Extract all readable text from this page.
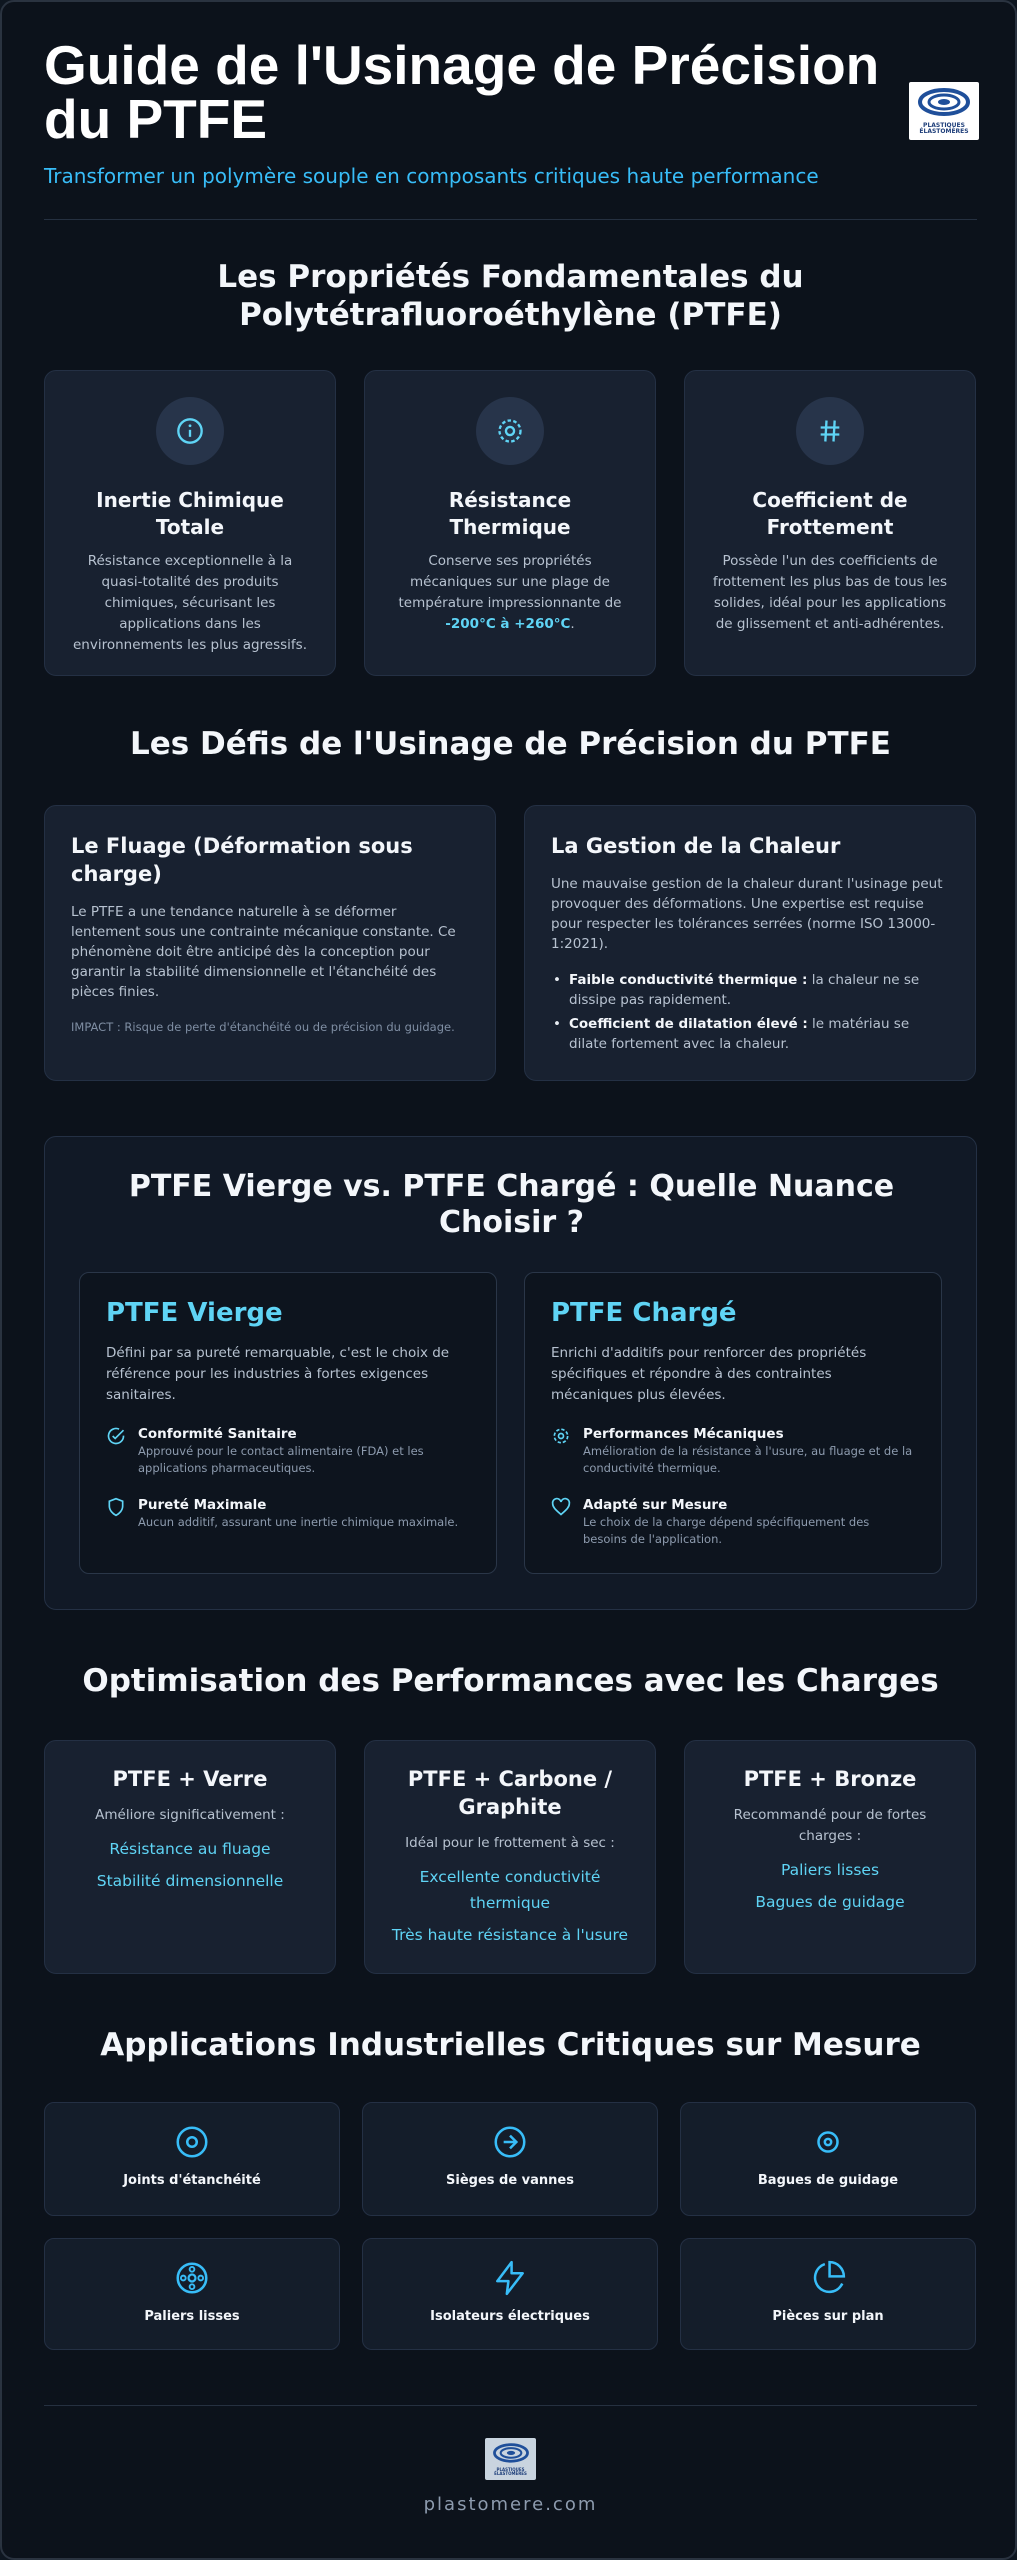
Guide de l'Usinage de Précision du PTFE
Transformer un polymère souple en composants critiques haute performance
PLASTIQUES ÉLASTOMÈRES
Les Propriétés Fondamentales du Polytétrafluoroéthylène (PTFE)
Inertie Chimique Totale
Résistance exceptionnelle à la quasi-totalité des produits chimiques, sécurisant les applications dans les environnements les plus agressifs.
Résistance Thermique
Conserve ses propriétés mécaniques sur une plage de température impressionnante de -200°C à +260°C.
Coefficient de Frottement
Possède l'un des coefficients de frottement les plus bas de tous les solides, idéal pour les applications de glissement et anti-adhérentes.
Les Défis de l'Usinage de Précision du PTFE
Le Fluage (Déformation sous charge)
Le PTFE a une tendance naturelle à se déformer lentement sous une contrainte mécanique constante. Ce phénomène doit être anticipé dès la conception pour garantir la stabilité dimensionnelle et l'étanchéité des pièces finies.
IMPACT : Risque de perte d'étanchéité ou de précision du guidage.
La Gestion de la Chaleur
Une mauvaise gestion de la chaleur durant l'usinage peut provoquer des déformations. Une expertise est requise pour respecter les tolérances serrées (norme ISO 13000-1:2021).
• Faible conductivité thermique : la chaleur ne se dissipe pas rapidement.
• Coefficient de dilatation élevé : le matériau se dilate fortement avec la chaleur.
PTFE Vierge vs. PTFE Chargé : Quelle Nuance Choisir ?
PTFE Vierge
Défini par sa pureté remarquable, c'est le choix de référence pour les industries à fortes exigences sanitaires.
Conformité Sanitaire
Approuvé pour le contact alimentaire (FDA) et les applications pharmaceutiques.
Pureté Maximale
Aucun additif, assurant une inertie chimique maximale.
PTFE Chargé
Enrichi d'additifs pour renforcer des propriétés spécifiques et répondre à des contraintes mécaniques plus élevées.
Performances Mécaniques
Amélioration de la résistance à l'usure, au fluage et de la conductivité thermique.
Adapté sur Mesure
Le choix de la charge dépend spécifiquement des besoins de l'application.
Optimisation des Performances avec les Charges
PTFE + Verre
Améliore significativement :
Résistance au fluage
Stabilité dimensionnelle
PTFE + Carbone / Graphite
Idéal pour le frottement à sec :
Excellente conductivité thermique
Très haute résistance à l'usure
PTFE + Bronze
Recommandé pour de fortes charges :
Paliers lisses
Bagues de guidage
Applications Industrielles Critiques sur Mesure
Joints d'étanchéité	Sièges de vannes	Bagues de guidage
Paliers lisses	Isolateurs électriques	Pièces sur plan
PLASTIQUES ÉLASTOMÈRES
plastomere.com
